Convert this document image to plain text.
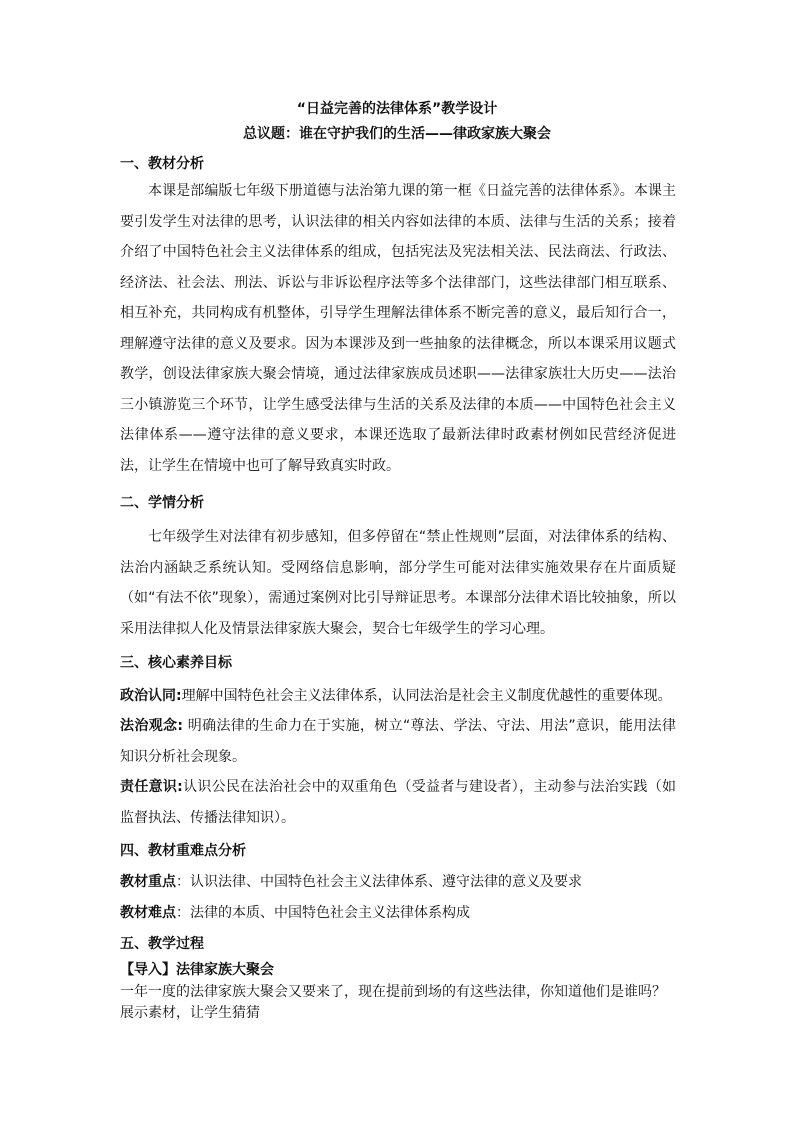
“日益完善的法律体系”教学设计
总议题：谁在守护我们的生活——律政家族大聚会
一、教材分析

本课是部编版七年级下册道德与法治第九课的第一框《日益完善的法律体系》。本课主要引发学生对法律的思考，认识法律的相关内容如法律的本质、法律与生活的关系；接着介绍了中国特色社会主义法律体系的组成，包括宪法及宪法相关法、民法商法、行政法、经济法、社会法、刑法、诉讼与非诉讼程序法等多个法律部门，这些法律部门相互联系、相互补充，共同构成有机整体，引导学生理解法律体系不断完善的意义，最后知行合一，理解遵守法律的意义及要求。因为本课涉及到一些抽象的法律概念，所以本课采用议题式教学，创设法律家族大聚会情境，通过法律家族成员述职——法律家族壮大历史——法治三小镇游览三个环节，让学生感受法律与生活的关系及法律的本质——中国特色社会主义法律体系——遵守法律的意义要求，本课还选取了最新法律时政素材例如民营经济促进法，让学生在情境中也可了解导致真实时政。

二、学情分析

七年级学生对法律有初步感知，但多停留在“禁止性规则”层面，对法律体系的结构、法治内涵缺乏系统认知。受网络信息影响，部分学生可能对法律实施效果存在片面质疑（如“有法不依”现象），需通过案例对比引导辩证思考。本课部分法律术语比较抽象，所以采用法律拟人化及情景法律家族大聚会，契合七年级学生的学习心理。

三、核心素养目标

政治认同:理解中国特色社会主义法律体系，认同法治是社会主义制度优越性的重要体现。

法治观念: 明确法律的生命力在于实施，树立“尊法、学法、守法、用法”意识，能用法律知识分析社会现象。

责任意识:认识公民在法治社会中的双重角色（受益者与建设者），主动参与法治实践（如监督执法、传播法律知识）。

四、教材重难点分析
教材重点：认识法律、中国特色社会主义法律体系、遵守法律的意义及要求
教材难点：法律的本质、中国特色社会主义法律体系构成
五、教学过程
【导入】法律家族大聚会
一年一度的法律家族大聚会又要来了，现在提前到场的有这些法律，你知道他们是谁吗？
展示素材，让学生猜猜
